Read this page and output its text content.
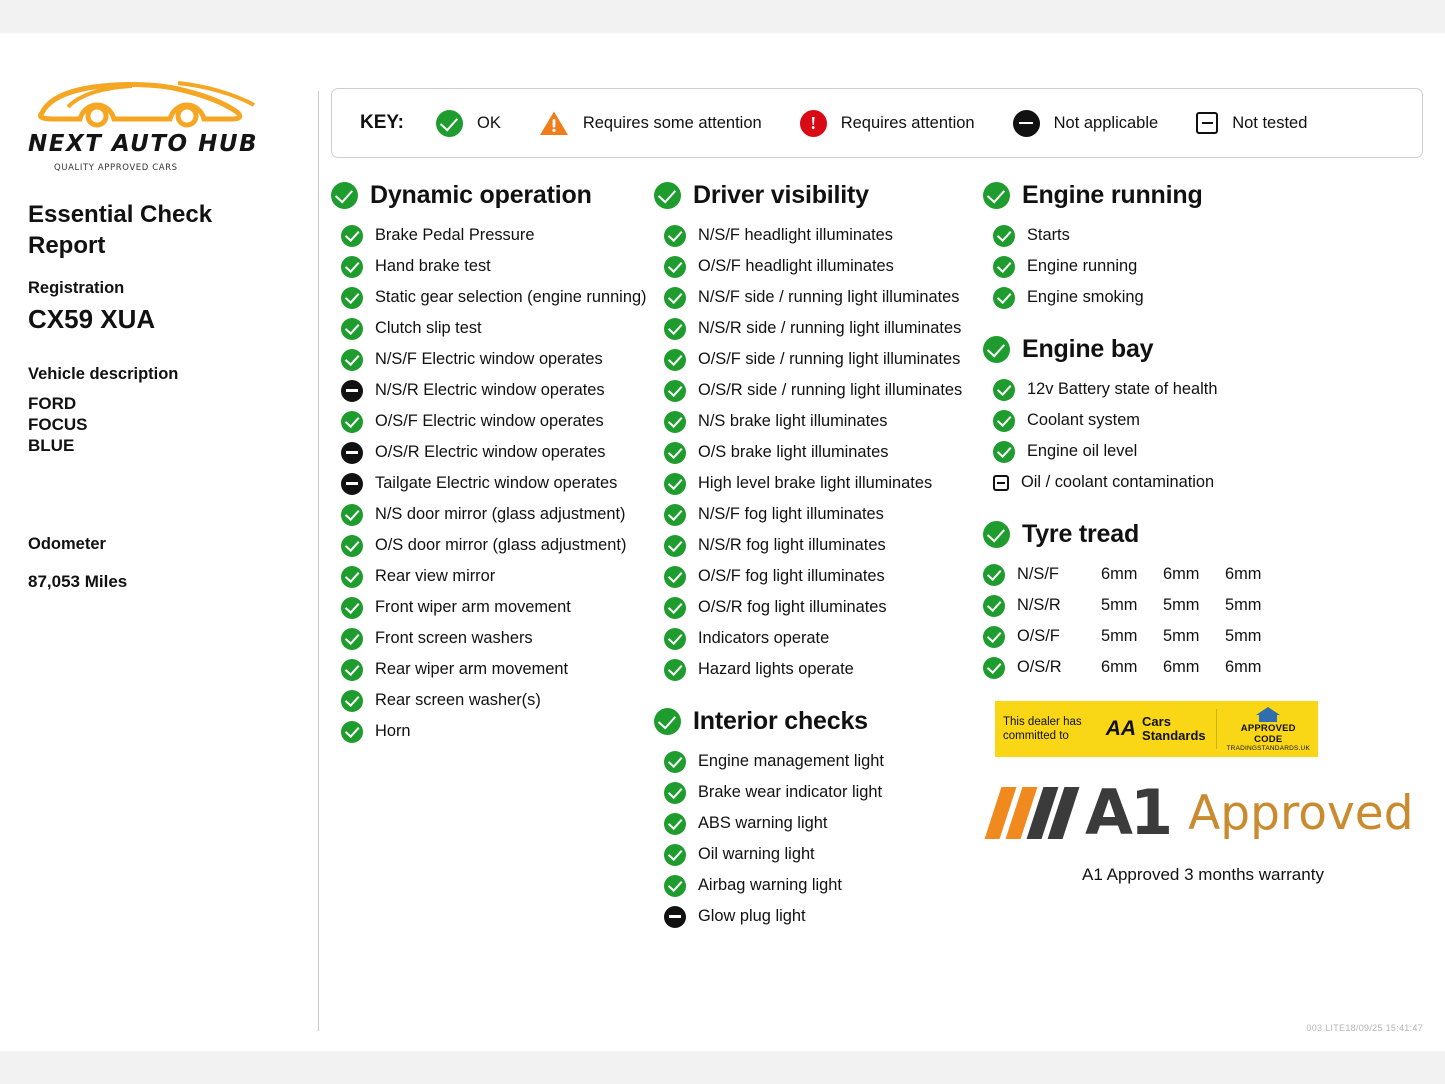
NEXT AUTO HUB
QUALITY APPROVED CARS
Essential Check Report
Registration
CX59 XUA
Vehicle description
FORD
FOCUS
BLUE
Odometer
87,053 Miles
KEY:	OK	Requires some attention	!	Requires attention	Not applicable	Not tested
Dynamic operation
Brake Pedal Pressure
Hand brake test
Static gear selection (engine running)
Clutch slip test
N/S/F Electric window operates
N/S/R Electric window operates
O/S/F Electric window operates
O/S/R Electric window operates
Tailgate Electric window operates
N/S door mirror (glass adjustment)
O/S door mirror (glass adjustment)
Rear view mirror
Front wiper arm movement
Front screen washers
Rear wiper arm movement
Rear screen washer(s)
Horn
Driver visibility
N/S/F headlight illuminates
O/S/F headlight illuminates
N/S/F side / running light illuminates
N/S/R side / running light illuminates
O/S/F side / running light illuminates
O/S/R side / running light illuminates
N/S brake light illuminates
O/S brake light illuminates
High level brake light illuminates
N/S/F fog light illuminates
N/S/R fog light illuminates
O/S/F fog light illuminates
O/S/R fog light illuminates
Indicators operate
Hazard lights operate
Interior checks
Engine management light
Brake wear indicator light
ABS warning light
Oil warning light
Airbag warning light
Glow plug light
Engine running
Starts
Engine running
Engine smoking
Engine bay
12v Battery state of health
Coolant system
Engine oil level
Oil / coolant contamination
Tyre tread
N/S/F	6mm	6mm	6mm
N/S/R	5mm	5mm	5mm
O/S/F	5mm	5mm	5mm
O/S/R	6mm	6mm	6mm
This dealer has
committed to	AA Cars
Standards	APPROVED CODE
TRADINGSTANDARDS.UK
A1 Approved
A1 Approved 3 months warranty
003 LITE18/09/25 15:41:47
